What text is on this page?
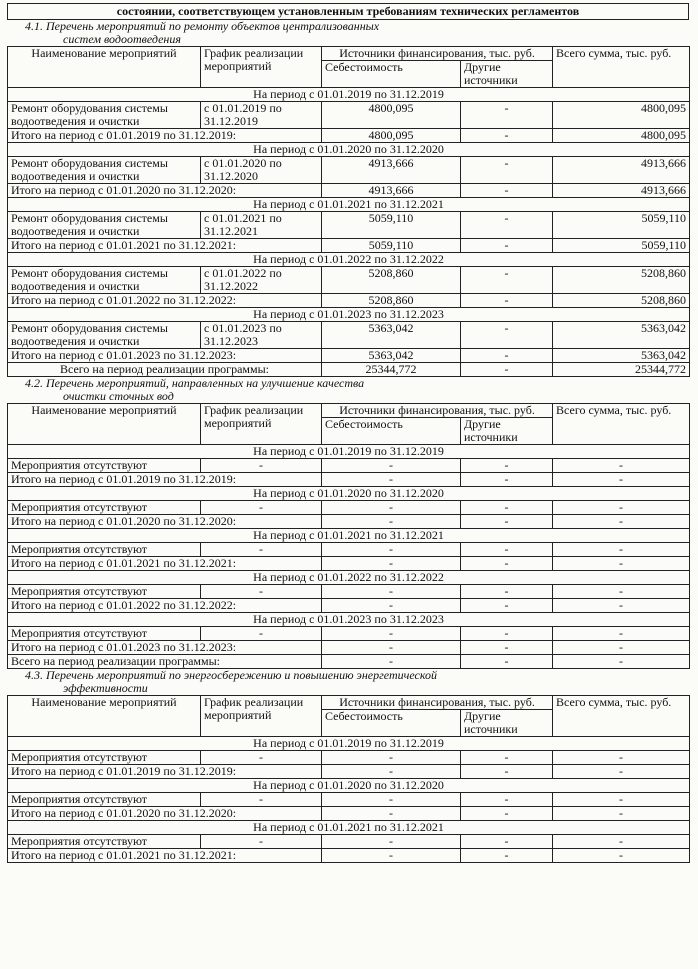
состоянии, соответствующем установленным требованиям технических регламентов
4.1. Перечень мероприятий по ремонту объектов централизованных
систем водоотведения
Наименование мероприятий	График реализации мероприятий	Источники финансирования, тыс. руб.		Всего сумма, тыс. руб.
		Себестоимость	Другие источники	
На период с 01.01.2019 по 31.12.2019				
Ремонт оборудования системы водоотведения и очистки	с 01.01.2019 по 31.12.2019	4800,095	-	4800,095
Итого на период с 01.01.2019 по 31.12.2019:		4800,095	-	4800,095
На период с 01.01.2020 по 31.12.2020				
Ремонт оборудования системы водоотведения и очистки	с 01.01.2020 по 31.12.2020	4913,666	-	4913,666
Итого на период с 01.01.2020 по 31.12.2020:		4913,666	-	4913,666
На период с 01.01.2021 по 31.12.2021				
Ремонт оборудования системы водоотведения и очистки	с 01.01.2021 по 31.12.2021	5059,110	-	5059,110
Итого на период с 01.01.2021 по 31.12.2021:		5059,110	-	5059,110
На период с 01.01.2022 по 31.12.2022				
Ремонт оборудования системы водоотведения и очистки	с 01.01.2022 по 31.12.2022	5208,860	-	5208,860
Итого на период с 01.01.2022 по 31.12.2022:		5208,860	-	5208,860
На период с 01.01.2023 по 31.12.2023				
Ремонт оборудования системы водоотведения и очистки	с 01.01.2023 по 31.12.2023	5363,042	-	5363,042
Итого на период с 01.01.2023 по 31.12.2023:		5363,042	-	5363,042
Всего на период реализации программы:		25344,772	-	25344,772
4.2. Перечень мероприятий, направленных на улучшение качества
очистки сточных вод
Наименование мероприятий	График реализации мероприятий	Источники финансирования, тыс. руб.		Всего сумма, тыс. руб.
		Себестоимость	Другие источники	
На период с 01.01.2019 по 31.12.2019				
Мероприятия отсутствуют	-	-	-	-
Итого на период с 01.01.2019 по 31.12.2019:		-	-	-
На период с 01.01.2020 по 31.12.2020				
Мероприятия отсутствуют	-	-	-	-
Итого на период с 01.01.2020 по 31.12.2020:		-	-	-
На период с 01.01.2021 по 31.12.2021				
Мероприятия отсутствуют	-	-	-	-
Итого на период с 01.01.2021 по 31.12.2021:		-	-	-
На период с 01.01.2022 по 31.12.2022				
Мероприятия отсутствуют	-	-	-	-
Итого на период с 01.01.2022 по 31.12.2022:		-	-	-
На период с 01.01.2023 по 31.12.2023				
Мероприятия отсутствуют	-	-	-	-
Итого на период с 01.01.2023 по 31.12.2023:		-	-	-
Всего на период реализации программы:		-	-	-
4.3. Перечень мероприятий по энергосбережению и повышению энергетической
эффективности
Наименование мероприятий	График реализации мероприятий	Источники финансирования, тыс. руб.		Всего сумма, тыс. руб.
		Себестоимость	Другие источники	
На период с 01.01.2019 по 31.12.2019				
Мероприятия отсутствуют	-	-	-	-
Итого на период с 01.01.2019 по 31.12.2019:		-	-	-
На период с 01.01.2020 по 31.12.2020				
Мероприятия отсутствуют	-	-	-	-
Итого на период с 01.01.2020 по 31.12.2020:		-	-	-
На период с 01.01.2021 по 31.12.2021				
Мероприятия отсутствуют	-	-	-	-
Итого на период с 01.01.2021 по 31.12.2021:		-	-	-
